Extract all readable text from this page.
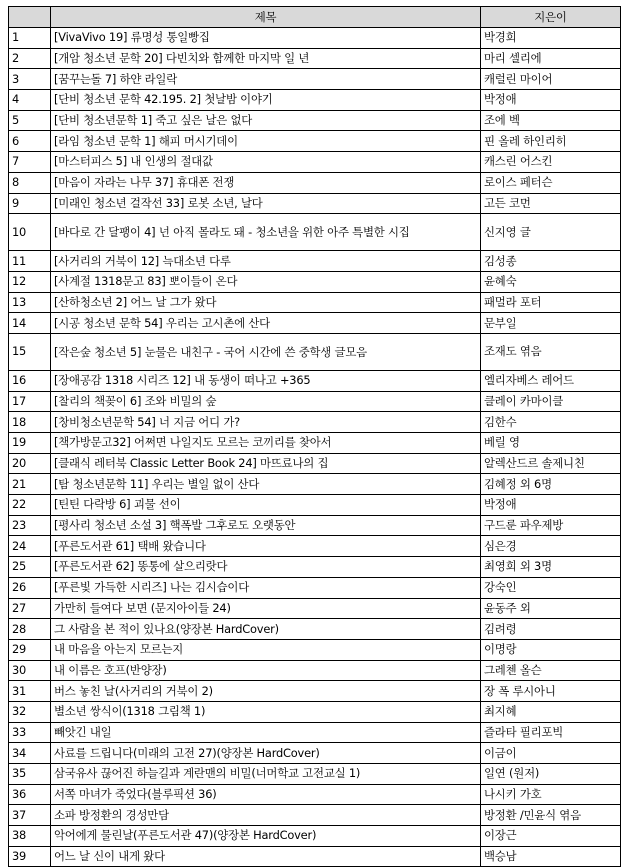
	제목	지은이
1	[VivaVivo 19] 류명성 통일빵집	박경희
2	[개암 청소년 문학 20] 다빈치와 함께한 마지막 일 년	마리 셀리에
3	[꿈꾸는돌 7] 하얀 라일락	캐럴린 마이어
4	[단비 청소년 문학 42.195. 2] 첫날밤 이야기	박정애
5	[단비 청소년문학 1] 죽고 싶은 날은 없다	조에 벡
6	[라임 청소년 문학 1] 해피 머시기데이	핀 올레 하인리히
7	[마스터피스 5] 내 인생의 절대값	캐스린 어스킨
8	[마음이 자라는 나무 37] 휴대폰 전쟁	로이스 페터슨
9	[미래인 청소년 걸작선 33] 로봇 소년, 날다	고든 코먼
10	[바다로 간 달팽이 4] 넌 아직 몰라도 돼 - 청소년을 위한 아주 특별한 시집	신지영 글
11	[사거리의 거북이 12] 늑대소년 다루	김성종
12	[사계절 1318문고 83] 뽀이들이 온다	윤혜숙
13	[산하청소년 2] 어느 날 그가 왔다	패멀라 포터
14	[시공 청소년 문학 54] 우리는 고시촌에 산다	문부일
15	[작은숲 청소년 5] 눈물은 내친구 - 국어 시간에 쓴 중학생 글모음	조재도 엮음
16	[장애공감 1318 시리즈 12] 내 동생이 떠나고 +365	엘리자베스 레어드
17	[찰리의 책꽂이 6] 조와 비밀의 숲	클레이 카마이클
18	[창비청소년문학 54] 너 지금 어디 가?	김한수
19	[책가방문고32] 어쩌면 나일지도 모르는 코끼리를 찾아서	베릴 영
20	[클래식 레터북 Classic Letter Book 24] 마뜨료나의 집	알렉산드르 솔제니친
21	[탐 청소년문학 11] 우리는 별일 없이 산다	김혜정 외 6명
22	[틴틴 다락방 6] 괴물 선이	박정애
23	[평사리 청소년 소설 3] 핵폭발 그후로도 오랫동안	구드룬 파우제방
24	[푸른도서관 61] 택배 왔습니다	심은경
25	[푸른도서관 62] 똥통에 살으리랏다	최영희 외 3명
26	[푸른빛 가득한 시리즈] 나는 김시습이다	강숙인
27	가만히 들여다 보면 (문지아이들 24)	윤동주 외
28	그 사람을 본 적이 있나요(양장본 HardCover)	김려령
29	내 마음을 아는지 모르는지	이명랑
30	내 이름은 호프(반양장)	그레첸 올슨
31	버스 놓친 날(사거리의 거북이 2)	장 폭 루시아니
32	별소년 쌍식이(1318 그림책 1)	최지혜
33	빼앗긴 내일	즐라타 필리포빅
34	사료를 드립니다(미래의 고전 27)(양장본 HardCover)	이금이
35	삼국유사 끊어진 하늘길과 계란맨의 비밀(너머학교 고전교실 1)	일연 (원저)
36	서쪽 마녀가 죽었다(블루픽션 36)	나시키 가호
37	소파 방정환의 경성만담	방정환 /민윤식 엮음
38	악어에게 물린날(푸른도서관 47)(양장본 HardCover)	이장근
39	어느 날 신이 내게 왔다	백승남
